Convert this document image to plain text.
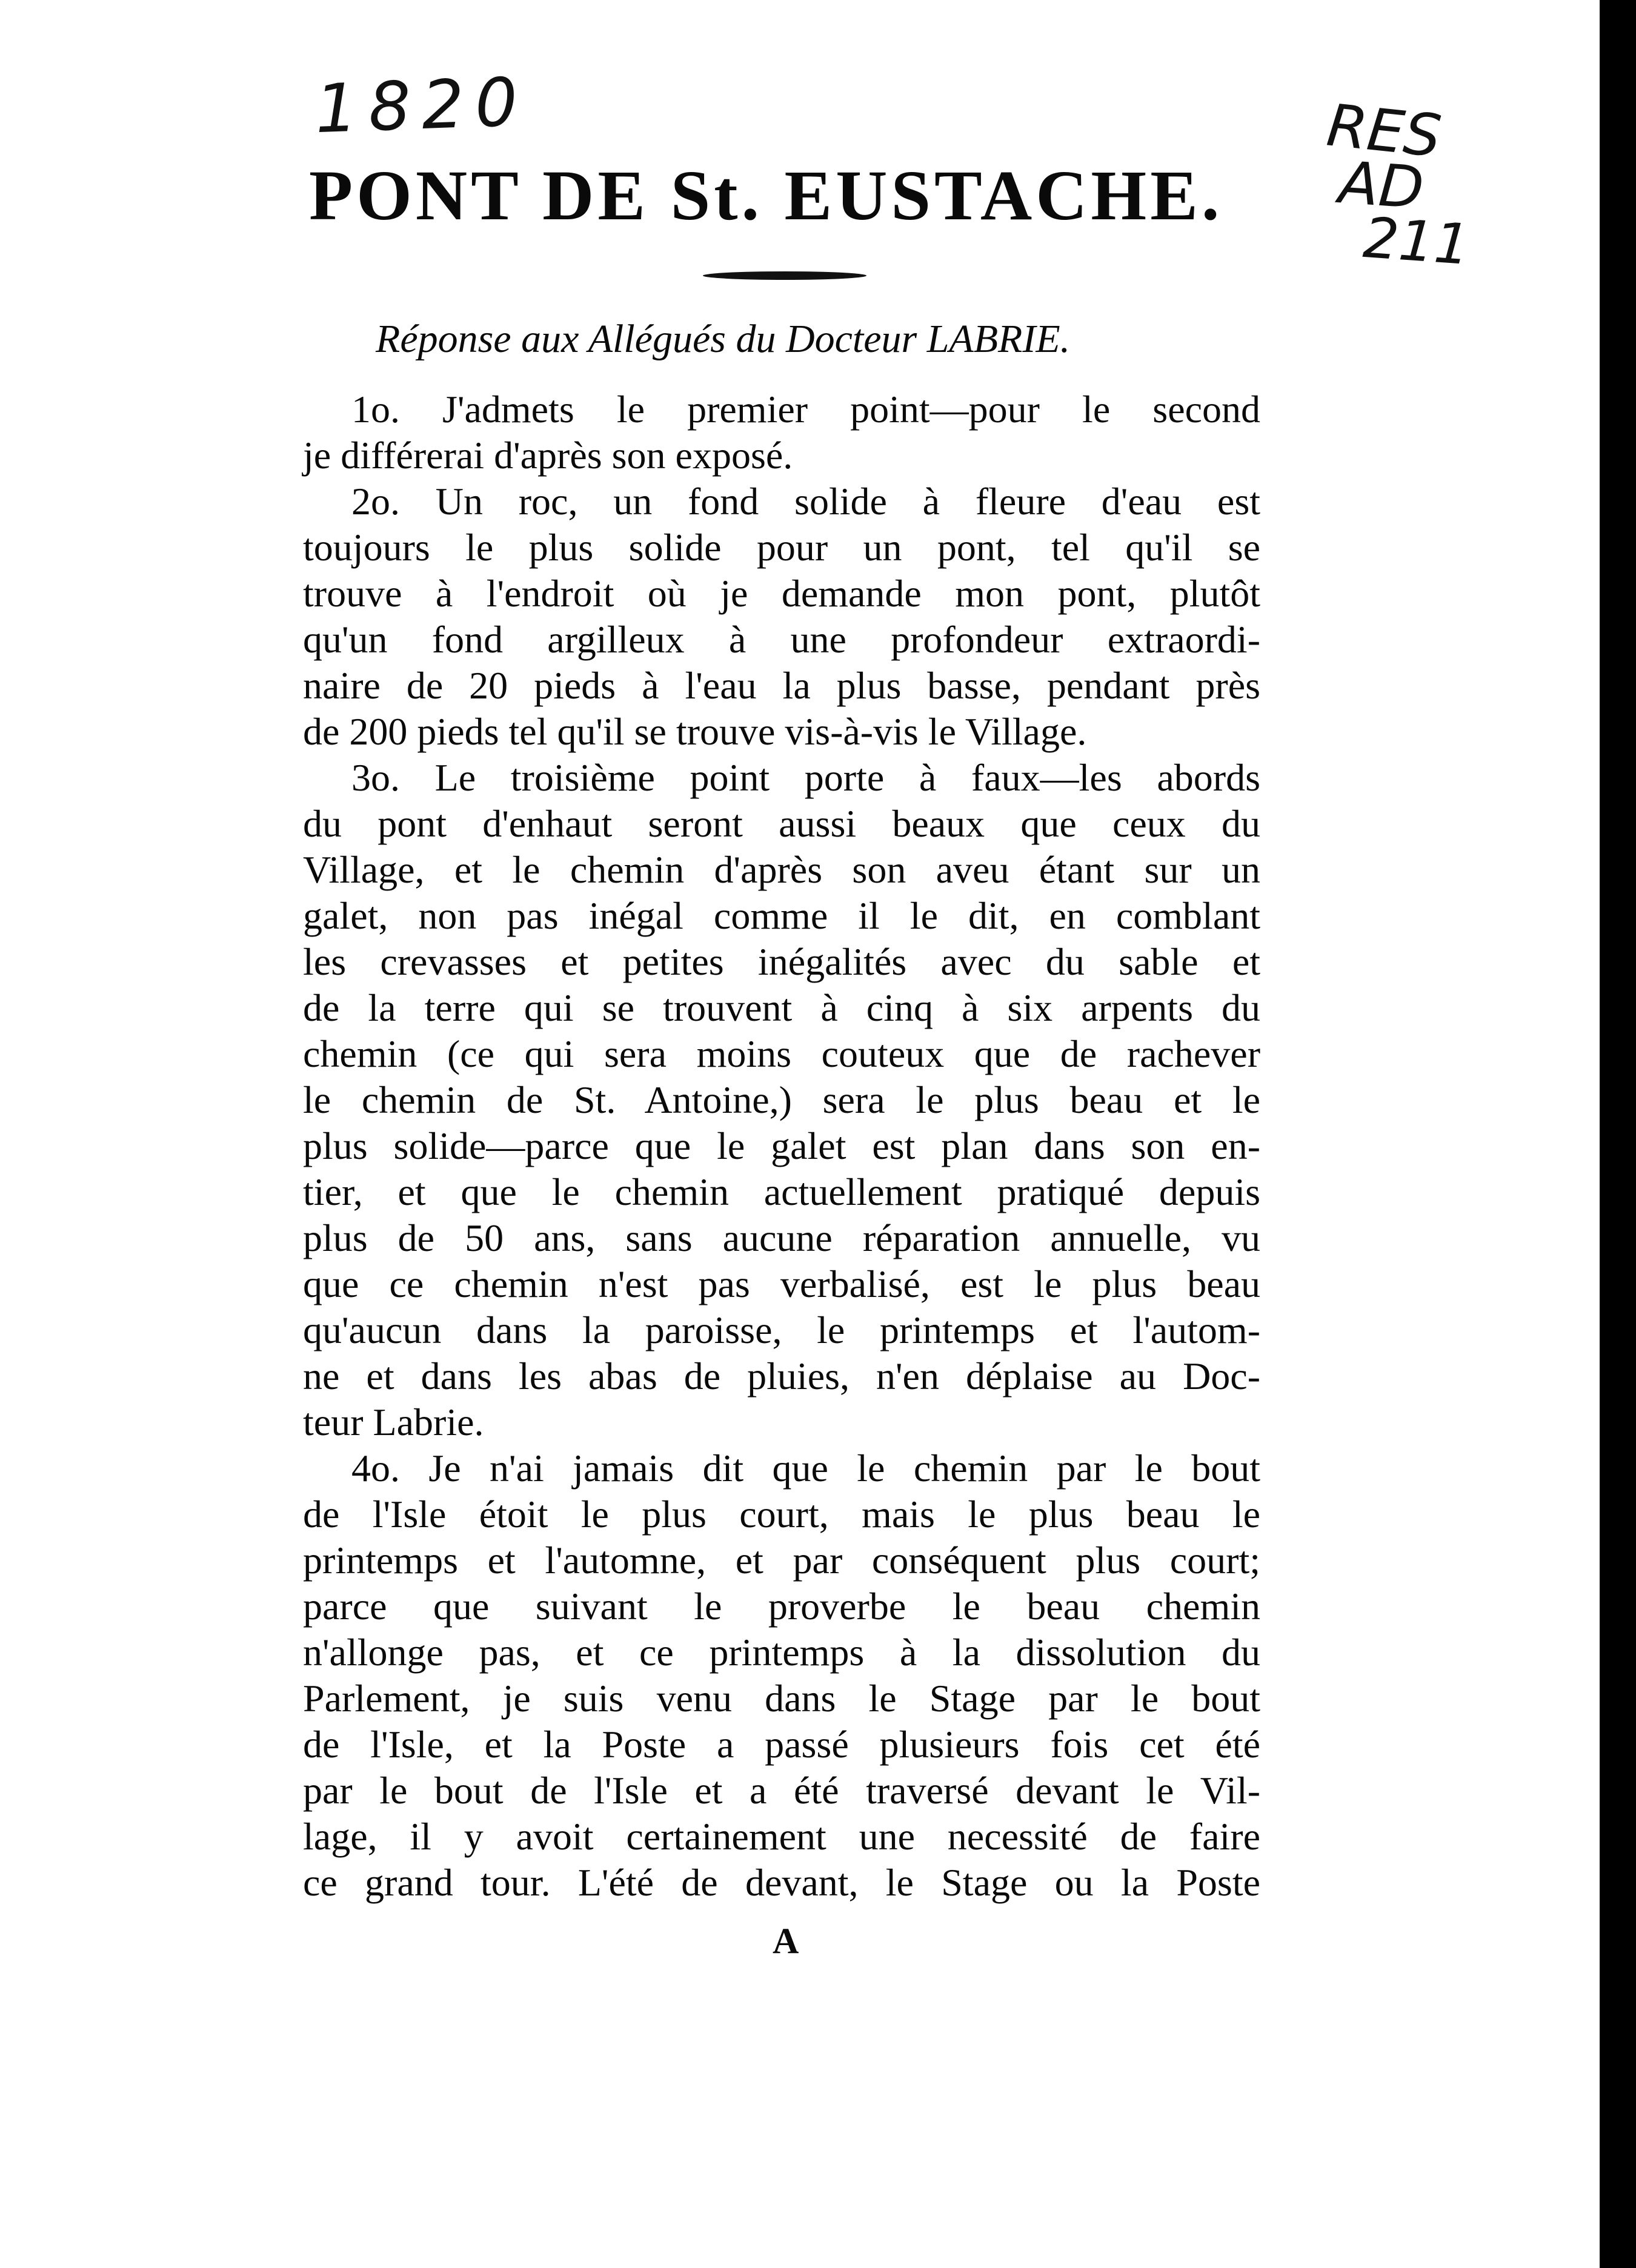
1820	RES
AD
211
PONT DE St. EUSTACHE.
Réponse aux Allégués du Docteur LABRIE.
1o. J'admets le premier point—pour le second
je différerai d'après son exposé.
2o. Un roc, un fond solide à fleure d'eau est
toujours le plus solide pour un pont, tel qu'il se
trouve à l'endroit où je demande mon pont, plutôt
qu'un fond argilleux à une profondeur extraordi-
naire de 20 pieds à l'eau la plus basse, pendant près
de 200 pieds tel qu'il se trouve vis-à-vis le Village.
3o. Le troisième point porte à faux—les abords
du pont d'enhaut seront aussi beaux que ceux du
Village, et le chemin d'après son aveu étant sur un
galet, non pas inégal comme il le dit, en comblant
les crevasses et petites inégalités avec du sable et
de la terre qui se trouvent à cinq à six arpents du
chemin (ce qui sera moins couteux que de rachever
le chemin de St. Antoine,) sera le plus beau et le
plus solide—parce que le galet est plan dans son en-
tier, et que le chemin actuellement pratiqué depuis
plus de 50 ans, sans aucune réparation annuelle, vu
que ce chemin n'est pas verbalisé, est le plus beau
qu'aucun dans la paroisse, le printemps et l'autom-
ne et dans les abas de pluies, n'en déplaise au Doc-
teur Labrie.
4o. Je n'ai jamais dit que le chemin par le bout
de l'Isle étoit le plus court, mais le plus beau le
printemps et l'automne, et par conséquent plus court;
parce que suivant le proverbe le beau chemin
n'allonge pas, et ce printemps à la dissolution du
Parlement, je suis venu dans le Stage par le bout
de l'Isle, et la Poste a passé plusieurs fois cet été
par le bout de l'Isle et a été traversé devant le Vil-
lage, il y avoit certainement une necessité de faire
ce grand tour. L'été de devant, le Stage ou la Poste
A
